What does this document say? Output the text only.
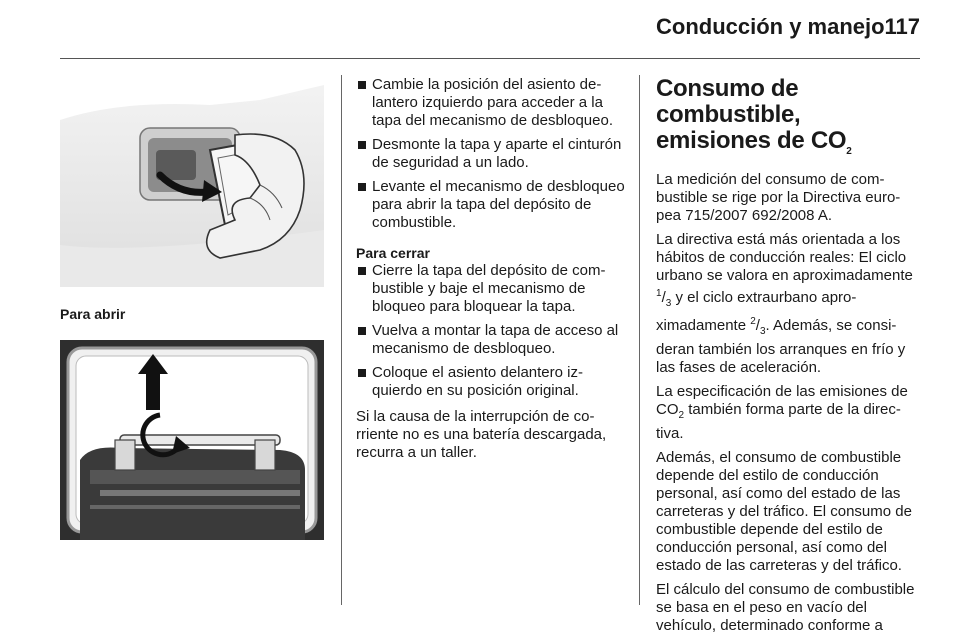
Conducción y manejo 117
Para abrir
Cambie la posición del asiento delantero izquierdo para acceder a la tapa del mecanismo de desbloqueo.
Desmonte la tapa y aparte el cinturón de seguridad a un lado.
Levante el mecanismo de desbloqueo para abrir la tapa del depósito de combustible.
Para cerrar
Cierre la tapa del depósito de combustible y baje el mecanismo de bloqueo para bloquear la tapa.
Vuelva a montar la tapa de acceso al mecanismo de desbloqueo.
Coloque el asiento delantero izquierdo en su posición original.

Si la causa de la interrupción de corriente no es una batería descargada, recurra a un taller.

Consumo de combustible, emisiones de $CO_2$

La medición del consumo de combustible se rige por la Directiva europea 715/2007 692/2008 A.

La directiva está más orientada a los hábitos de conducción reales: El ciclo urbano se valora en aproximadamente $^1/_3$ y el ciclo extraurbano aproximadamente $^2/_3$. Además, se consideran también los arranques en frío y las fases de aceleración.

La especificación de las emisiones de $CO_2$ también forma parte de la directiva.

Además, el consumo de combustible depende del estilo de conducción personal, así como del estado de las carreteras y del tráfico. El consumo de combustible depende del estilo de conducción personal, así como del estado de las carreteras y del tráfico.

El cálculo del consumo de combustible se basa en el peso en vacío del vehículo, determinado conforme a
